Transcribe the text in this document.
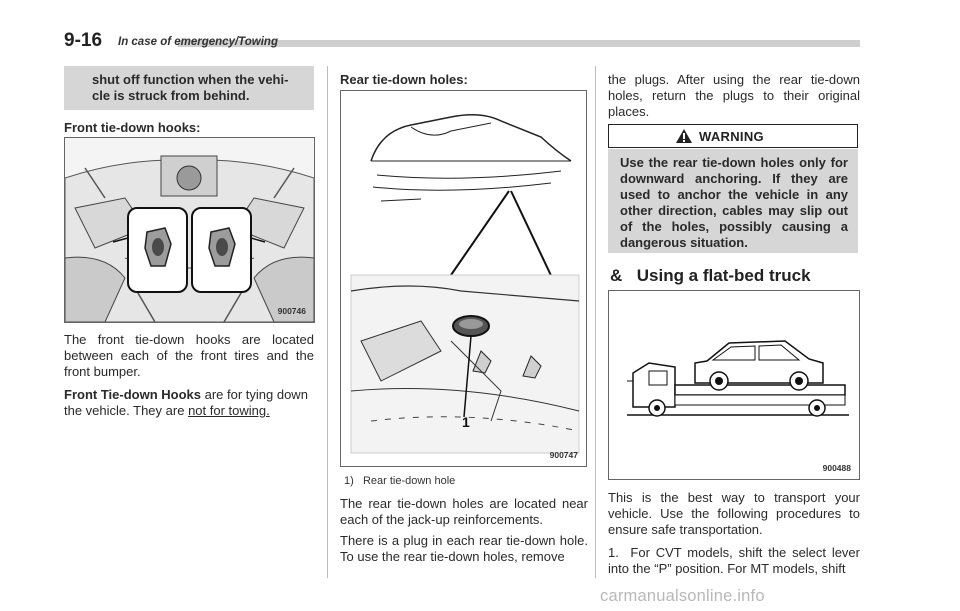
9-16 In case of emergency/Towing
shut off function when the vehi-
cle is struck from behind.
Front tie-down hooks:
900746
The front tie-down hooks are located between each of the front tires and the front bumper.
Front Tie-down Hooks are for tying down the vehicle. They are not for towing.
Rear tie-down holes:
1
900747
1)   Rear tie-down hole
The rear tie-down holes are located near each of the jack-up reinforcements.
There is a plug in each rear tie-down hole. To use the rear tie-down holes, remove
the plugs. After using the rear tie-down holes, return the plugs to their original places.
WARNING
Use the rear tie-down holes only for downward anchoring. If they are used to anchor the vehicle in any other direction, cables may slip out of the holes, possibly causing a dangerous situation.
& Using a flat-bed truck
900488
This is the best way to transport your vehicle. Use the following procedures to ensure safe transportation.
1.  For CVT models, shift the select lever into the “P” position. For MT models, shift
carmanualsonline.info
